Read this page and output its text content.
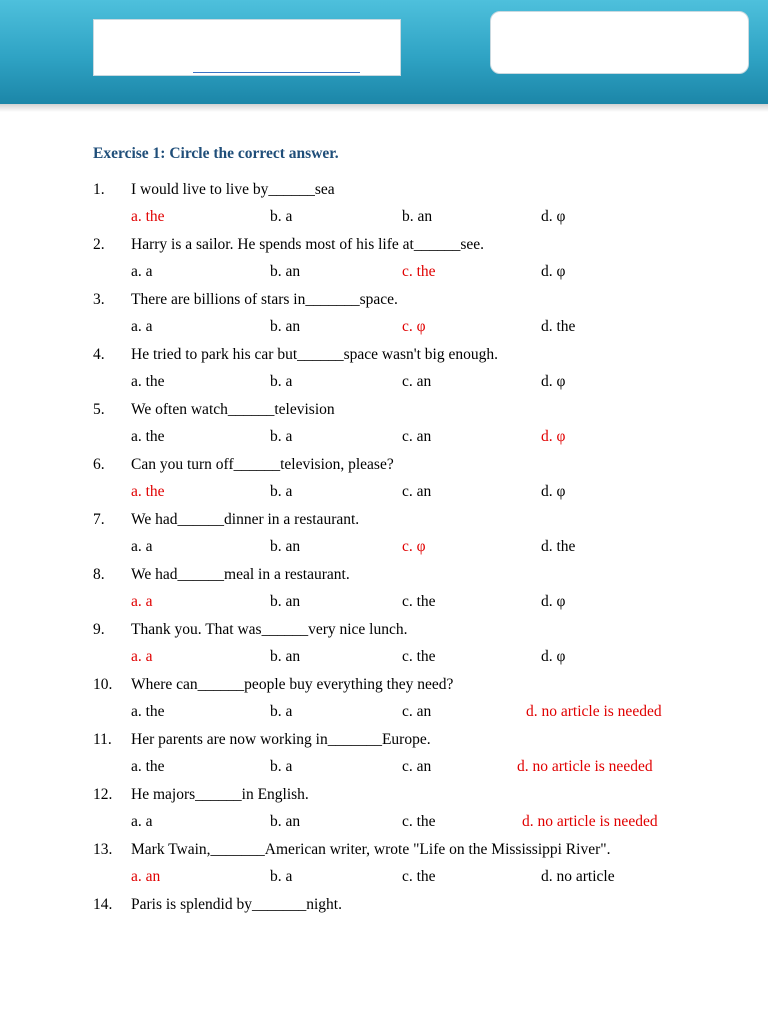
Exercise 1: Circle the correct answer.
1. I would live to live by______sea
a. the	b. a	b. an	d. φ
2. Harry is a sailor. He spends most of his life at______see.
a. a	b. an	c. the	d. φ
3. There are billions of stars in_______space.
a. a	b. an	c. φ	d. the
4. He tried to park his car but______space wasn't big enough.
a. the	b. a	c. an	d. φ
5. We often watch______television
a. the	b. a	c. an	d. φ
6. Can you turn off______television, please?
a. the	b. a	c. an	d. φ
7. We had______dinner in a restaurant.
a. a	b. an	c. φ	d. the
8. We had______meal in a restaurant.
a. a	b. an	c. the	d. φ
9. Thank you. That was______very nice lunch.
a. a	b. an	c. the	d. φ
10. Where can______people buy everything they need?
a. the	b. a	c. an	d. no article is needed
11. Her parents are now working in_______Europe.
a. the	b. a	c. an	d. no article is needed
12. He majors______in English.
a. a	b. an	c. the	d. no article is needed
13. Mark Twain,_______American writer, wrote "Life on the Mississippi River".
a. an	b. a	c. the	d. no article
14. Paris is splendid by_______night.
